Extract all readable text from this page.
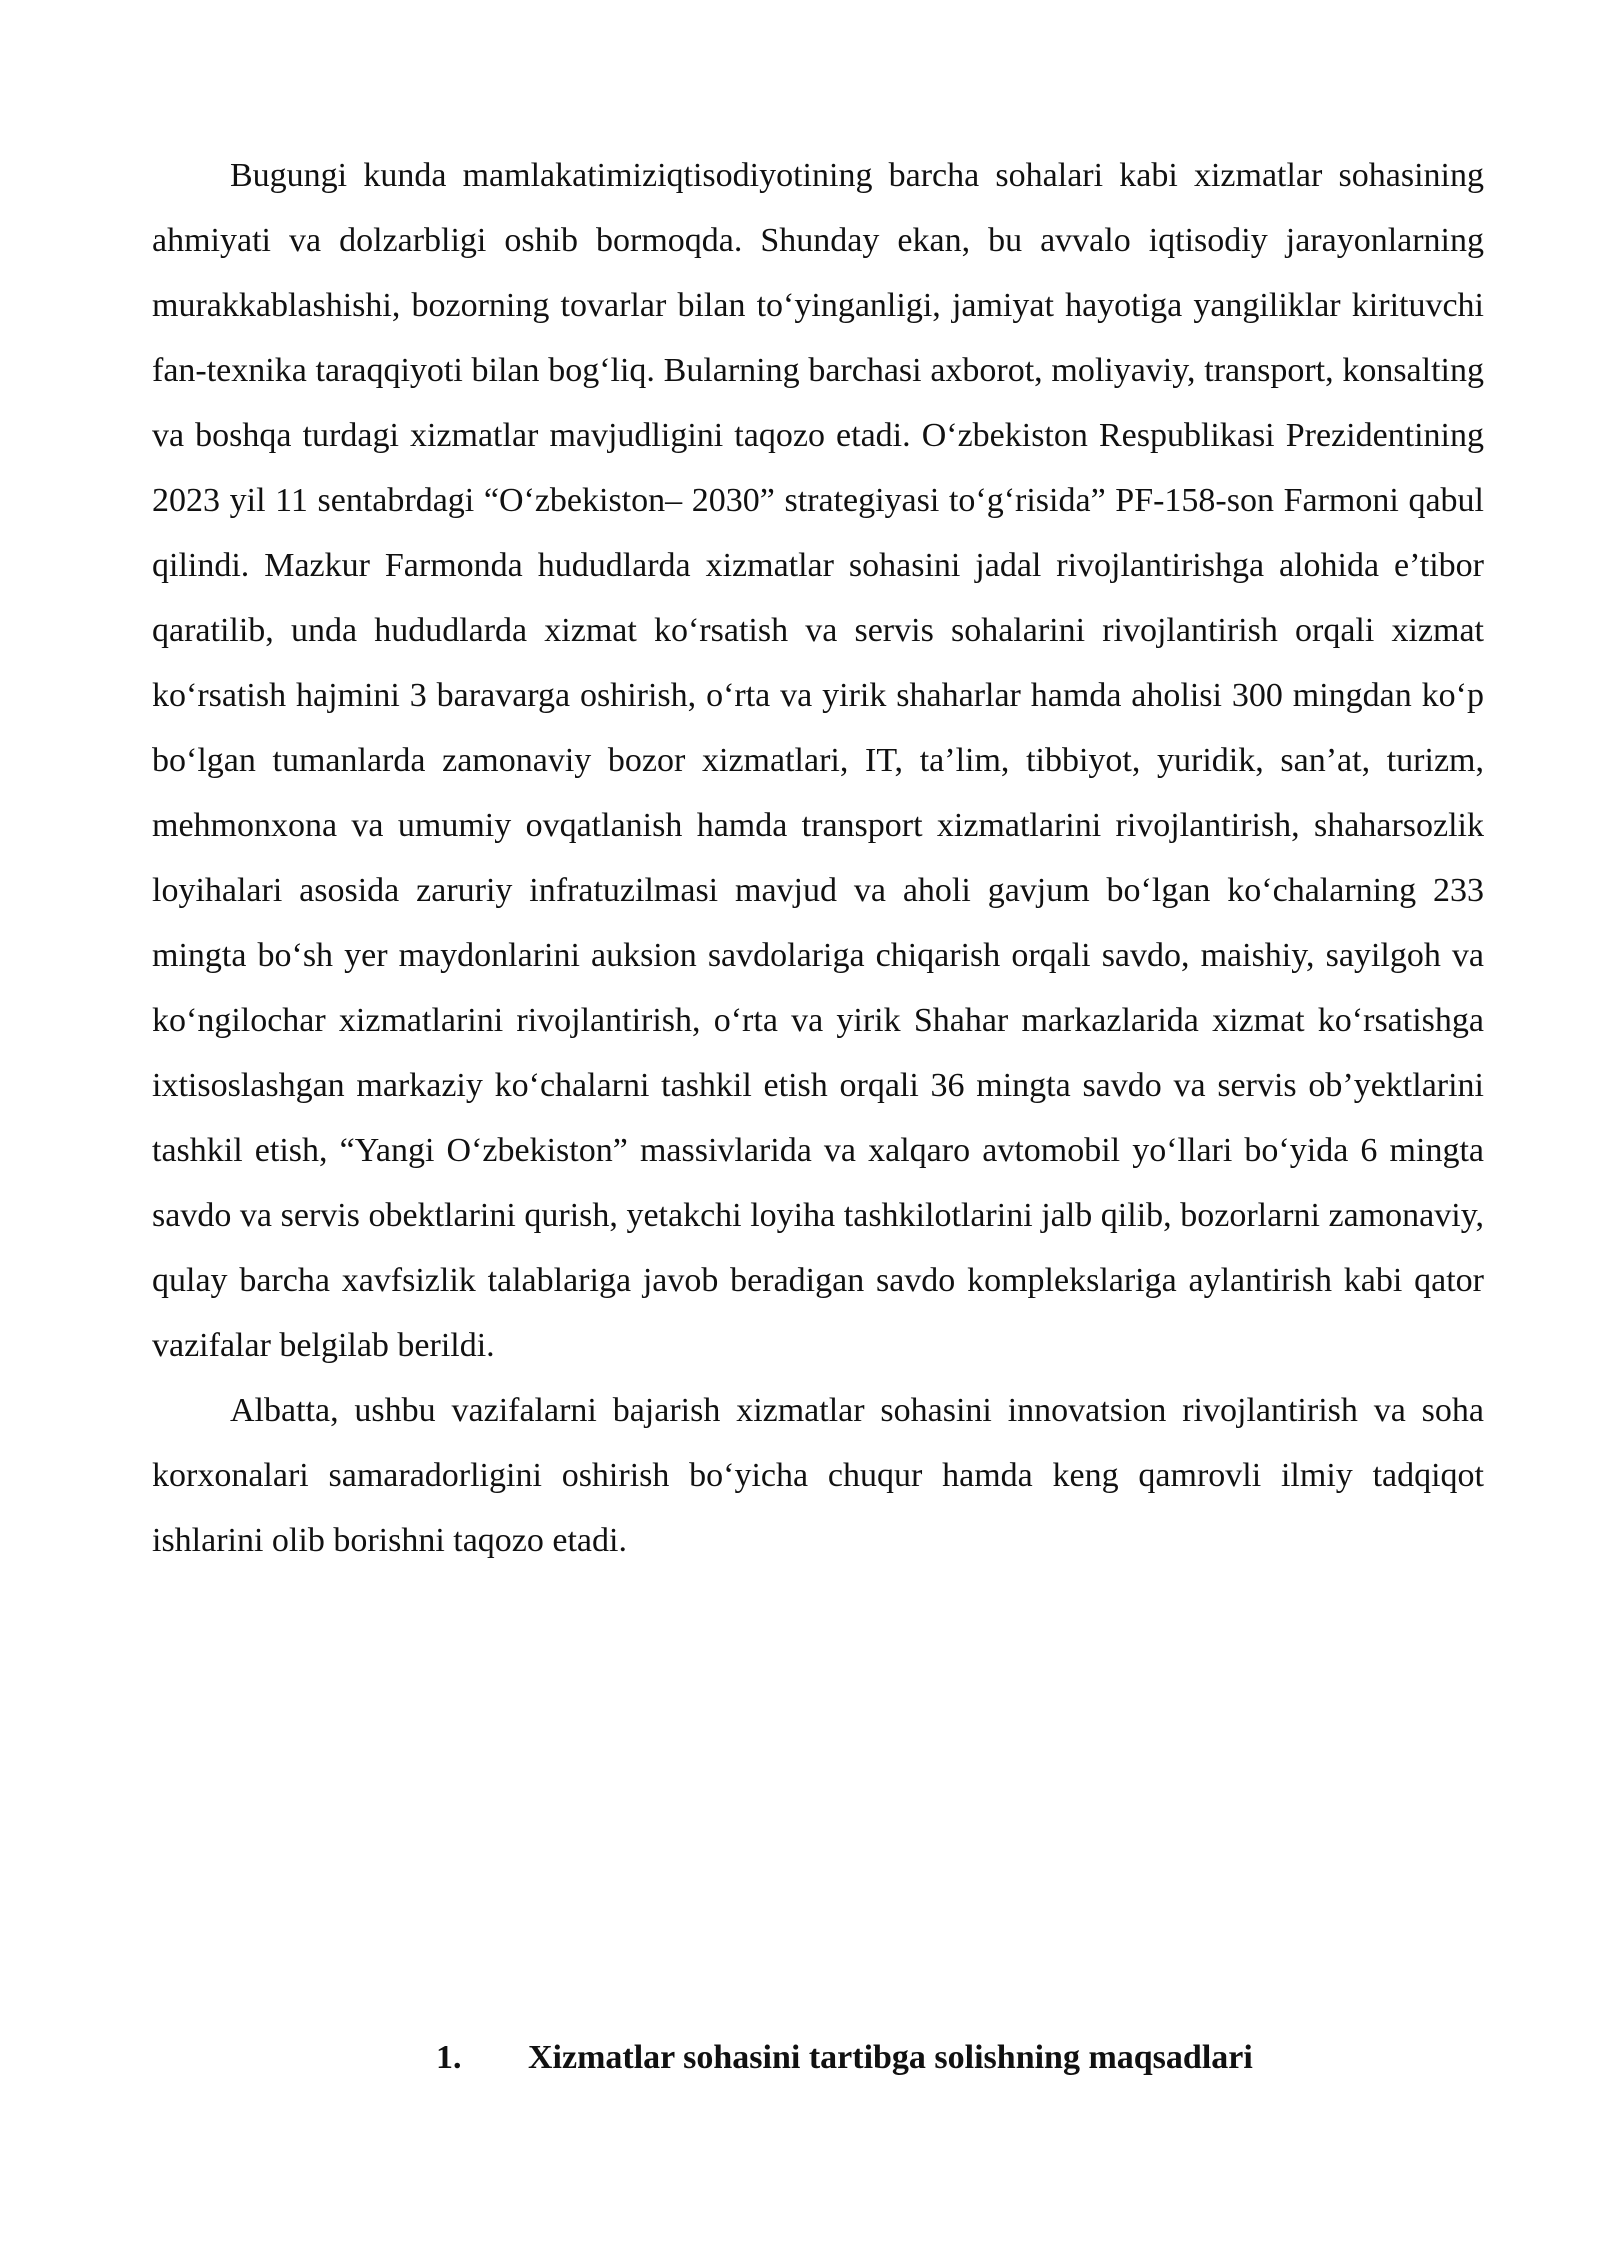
Bugungi kunda mamlakatimiziqtisodiyotining barcha sohalari kabi xizmatlar sohasining ahmiyati va dolzarbligi oshib bormoqda. Shunday ekan, bu avvalo iqtisodiy jarayonlarning murakkablashishi, bozorning tovarlar bilan to‘yinganligi, jamiyat hayotiga yangiliklar kirituvchi fan-texnika taraqqiyoti bilan bog‘liq. Bularning barchasi axborot, moliyaviy, transport, konsalting va boshqa turdagi xizmatlar mavjudligini taqozo etadi. O‘zbekiston Respublikasi Prezidentining 2023 yil 11 sentabrdagi “O‘zbekiston– 2030” strategiyasi to‘g‘risida” PF-158-son Farmoni qabul qilindi. Mazkur Farmonda hududlarda xizmatlar sohasini jadal rivojlantirishga alohida e’tibor qaratilib, unda hududlarda xizmat ko‘rsatish va servis sohalarini rivojlantirish orqali xizmat ko‘rsatish hajmini 3 baravarga oshirish, o‘rta va yirik shaharlar hamda aholisi 300 mingdan ko‘p bo‘lgan tumanlarda zamonaviy bozor xizmatlari, IT, ta’lim, tibbiyot, yuridik, san’at, turizm, mehmonxona va umumiy ovqatlanish hamda transport xizmatlarini rivojlantirish, shaharsozlik loyihalari asosida zaruriy infratuzilmasi mavjud va aholi gavjum bo‘lgan ko‘chalarning 233 mingta bo‘sh yer maydonlarini auksion savdolariga chiqarish orqali savdo, maishiy, sayilgoh va ko‘ngilochar xizmatlarini rivojlantirish, o‘rta va yirik Shahar markazlarida xizmat ko‘rsatishga ixtisoslashgan markaziy ko‘chalarni tashkil etish orqali 36 mingta savdo va servis ob’yektlarini tashkil etish, “Yangi O‘zbekiston” massivlarida va xalqaro avtomobil yo‘llari bo‘yida 6 mingta savdo va servis obektlarini qurish, yetakchi loyiha tashkilotlarini jalb qilib, bozorlarni zamonaviy, qulay barcha xavfsizlik talablariga javob beradigan savdo komplekslariga aylantirish kabi qator vazifalar belgilab berildi.

Albatta, ushbu vazifalarni bajarish xizmatlar sohasini innovatsion rivojlantirish va soha korxonalari samaradorligini oshirish bo‘yicha chuqur hamda keng qamrovli ilmiy tadqiqot ishlarini olib borishni taqozo etadi.

1. Xizmatlar sohasini tartibga solishning maqsadlari
